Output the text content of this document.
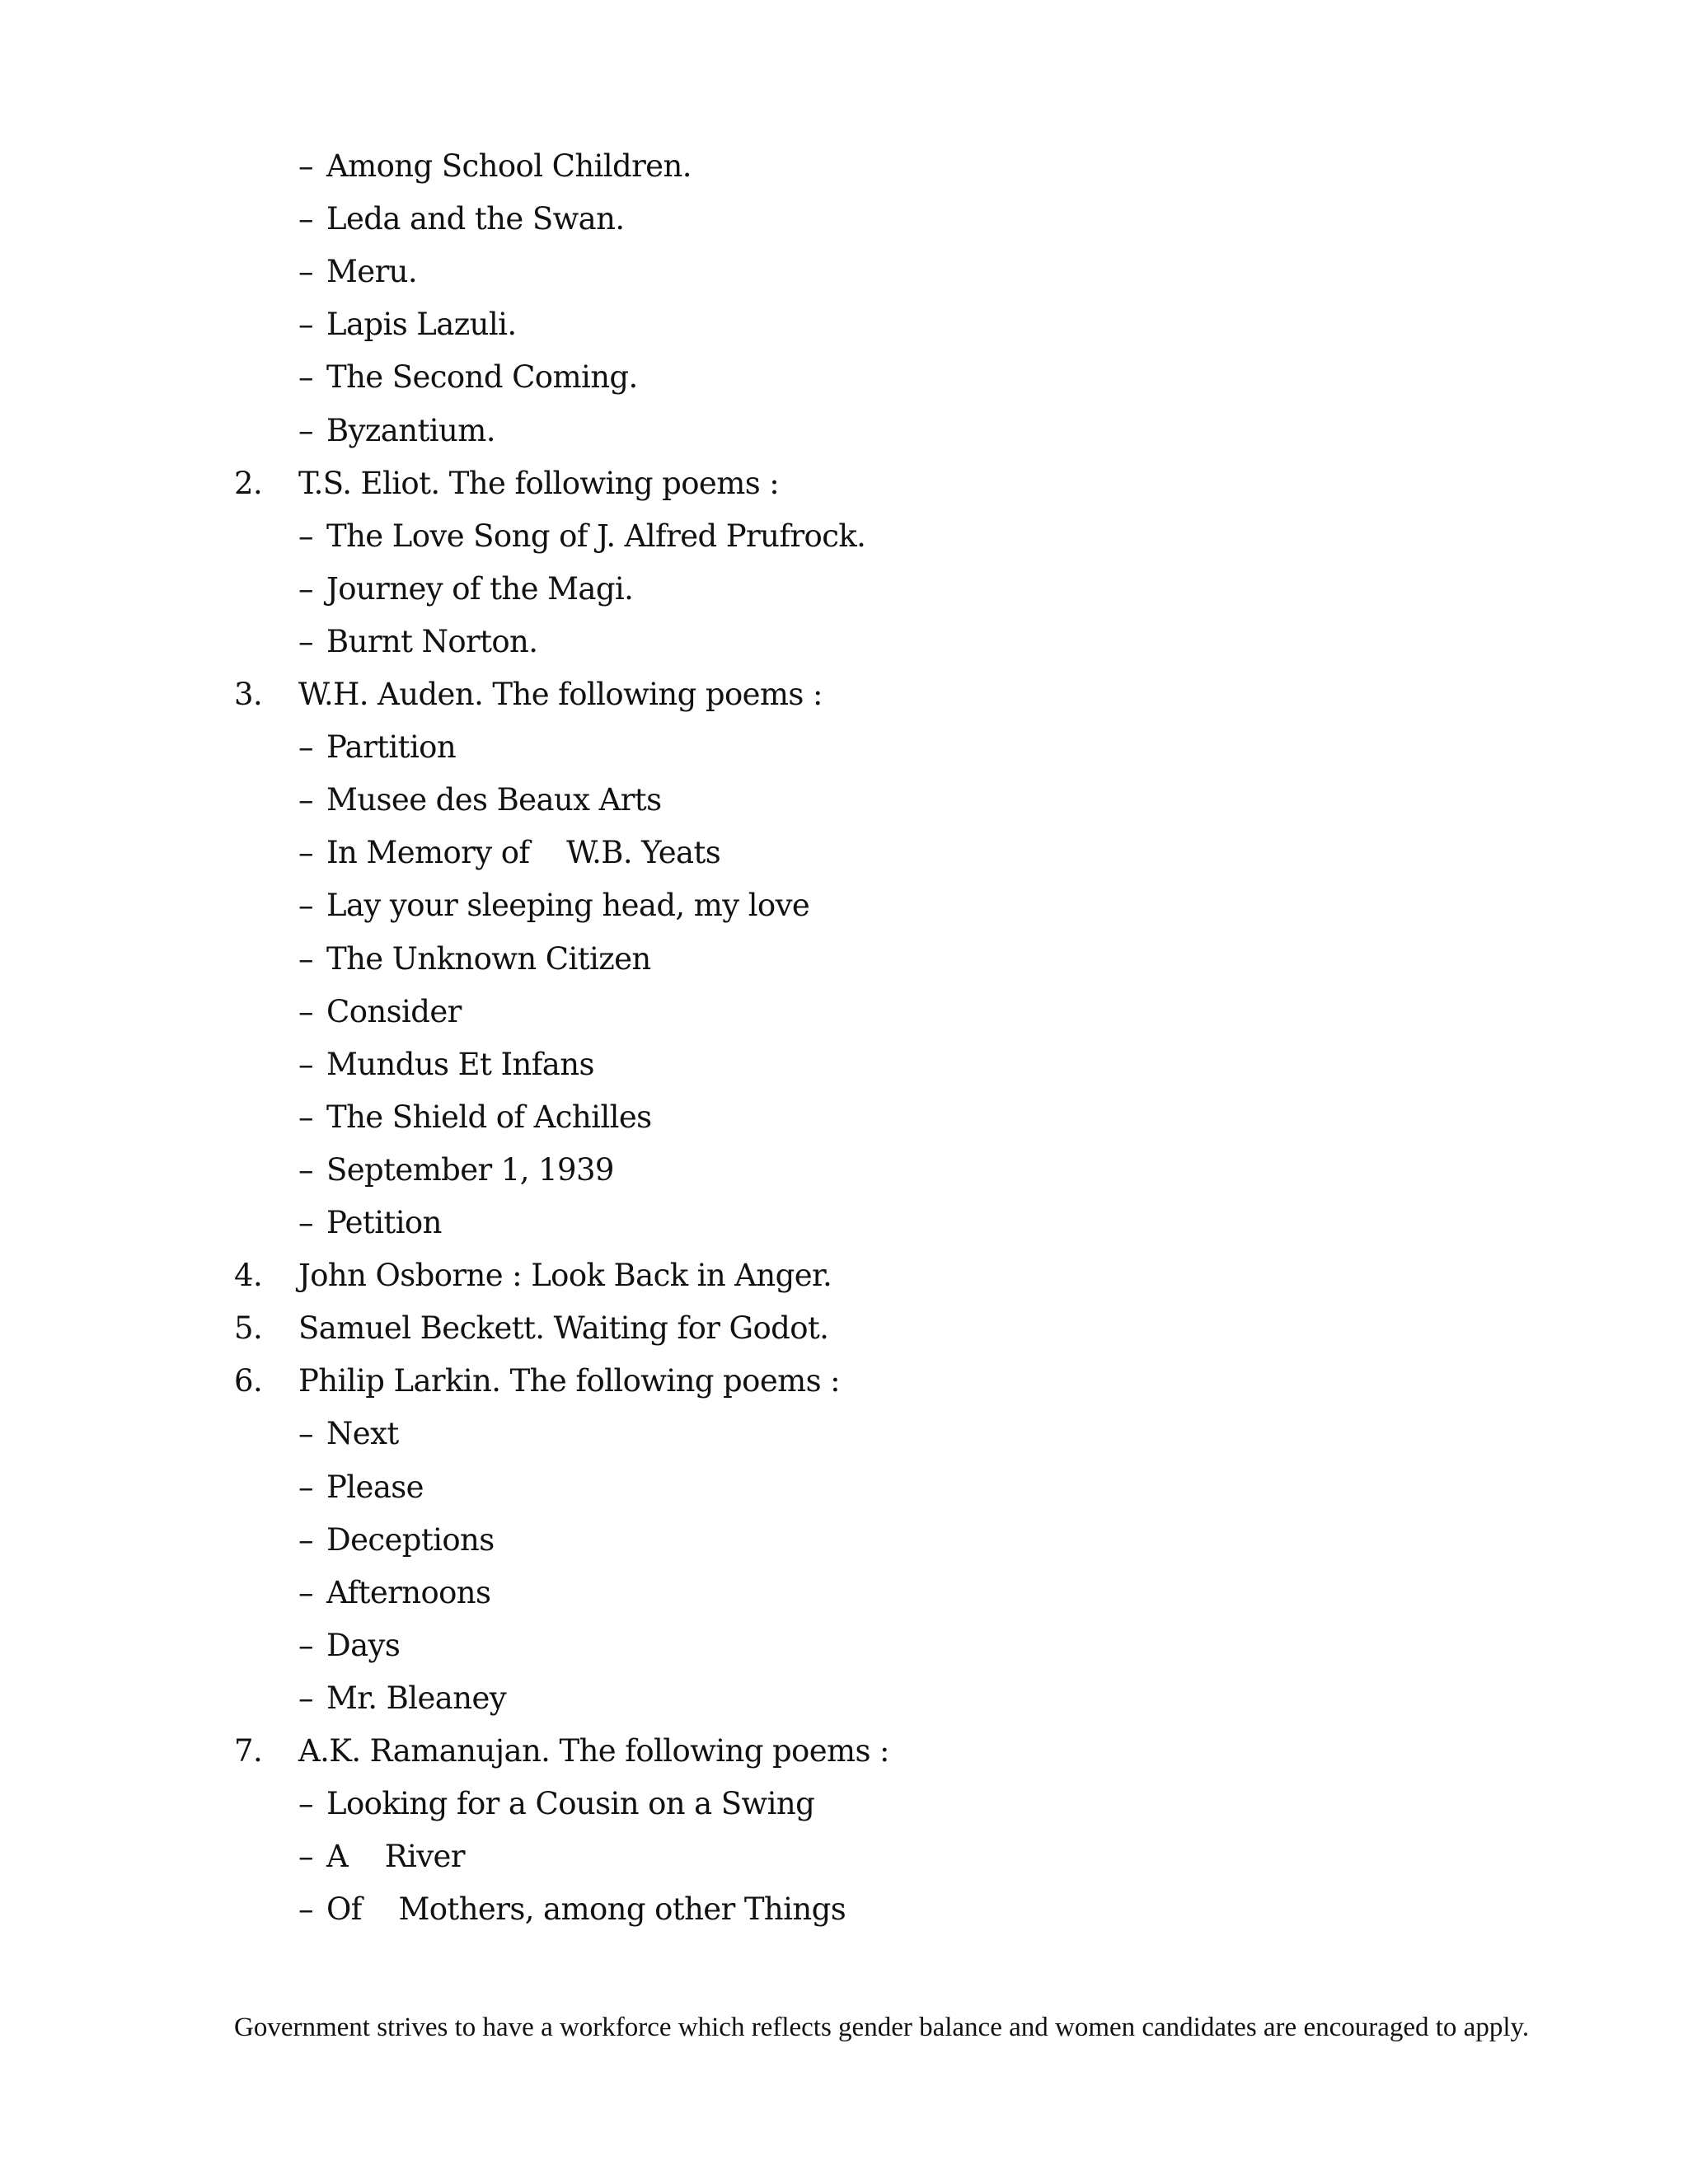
– Among School Children.
– Leda and the Swan.
– Meru.
– Lapis Lazuli.
– The Second Coming.
– Byzantium.
2. T.S. Eliot. The following poems :
– The Love Song of J. Alfred Prufrock.
– Journey of the Magi.
– Burnt Norton.
3. W.H. Auden. The following poems :
– Partition
– Musee des Beaux Arts
– In Memory of    W.B. Yeats
– Lay your sleeping head, my love
– The Unknown Citizen
– Consider
– Mundus Et Infans
– The Shield of Achilles
– September 1, 1939
– Petition
4. John Osborne : Look Back in Anger.
5. Samuel Beckett. Waiting for Godot.
6. Philip Larkin. The following poems :
– Next
– Please
– Deceptions
– Afternoons
– Days
– Mr. Bleaney
7. A.K. Ramanujan. The following poems :
– Looking for a Cousin on a Swing
– A    River
– Of    Mothers, among other Things
Government strives to have a workforce which reflects gender balance and women candidates are encouraged to apply.
